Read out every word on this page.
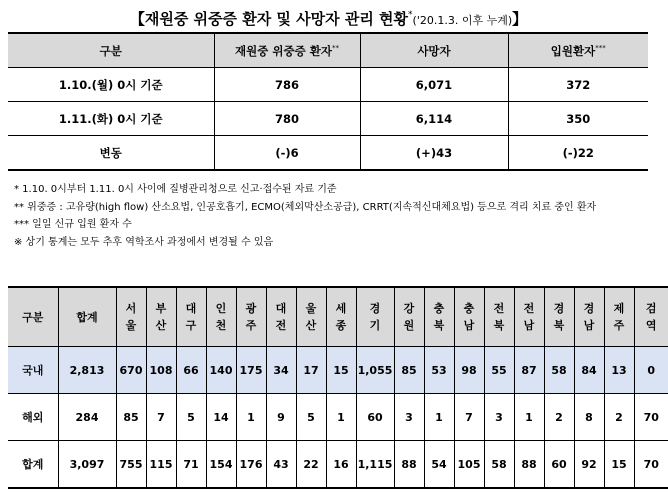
【재원중 위중증 환자 및 사망자 관리 현황*('20.1.3. 이후 누계)】
구분	재원중 위중증 환자**	사망자	입원환자***
1.10.(월) 0시 기준	786	6,071	372
1.11.(화) 0시 기준	780	6,114	350
변동	(-)6	(+)43	(-)22
* 1.10. 0시부터 1.11. 0시 사이에 질병관리청으로 신고·접수된 자료 기준
** 위중증 : 고유량(high flow) 산소요법, 인공호흡기, ECMO(체외막산소공급), CRRT(지속적신대체요법) 등으로 격리 치료 중인 환자
*** 일일 신규 입원 환자 수
※ 상기 통계는 모두 추후 역학조사 과정에서 변경될 수 있음
구분	합계	서울	부산	대구	인천	광주	대전	울산	세종	경기	강원	충북	충남	전북	전남	경북	경남	제주	검역
국내	2,813	670	108	66	140	175	34	17	15	1,055	85	53	98	55	87	58	84	13	0
해외	284	85	7	5	14	1	9	5	1	60	3	1	7	3	1	2	8	2	70
합계	3,097	755	115	71	154	176	43	22	16	1,115	88	54	105	58	88	60	92	15	70
